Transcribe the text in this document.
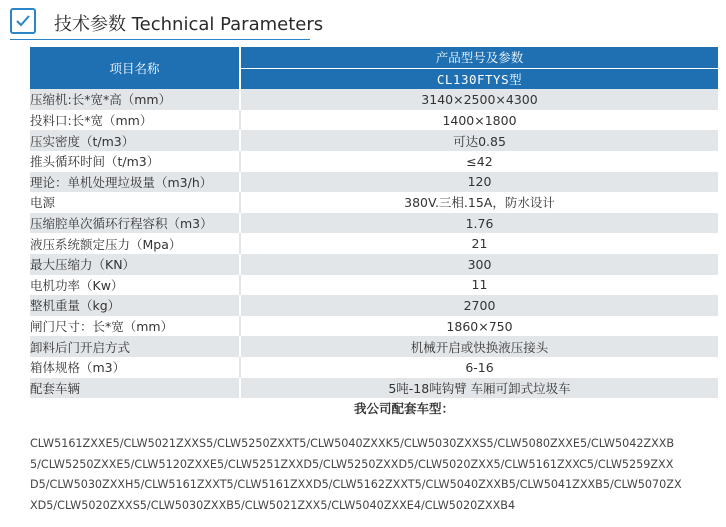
技术参数 Technical Parameters
项目名称	产品型号及参数
	CL130FTYS型
压缩机:长*宽*高（mm）	3140×2500×4300
投料口:长*宽（mm）	1400×1800
压实密度（t/m3）	可达0.85
推头循环时间（t/m3）	≤42
理论：单机处理垃圾量（m3/h）	120
电源	380V.三相.15A，防水设计
压缩腔单次循环行程容积（m3）	1.76
液压系统额定压力（Mpa）	21
最大压缩力（KN）	300
电机功率（Kw）	11
整机重量（kg）	2700
闸门尺寸：长*宽（mm）	1860×750
卸料后门开启方式	机械开启或快换液压接头
箱体规格（m3）	6-16
配套车辆	5吨-18吨钩臂 车厢可卸式垃圾车
我公司配套车型：	
CLW5161ZXXE5/CLW5021ZXXS5/CLW5250ZXXT5/CLW5040ZXXK5/CLW5030ZXXS5/CLW5080ZXXE5/CLW5042ZXXB
5/CLW5250ZXXE5/CLW5120ZXXE5/CLW5251ZXXD5/CLW5250ZXXD5/CLW5020ZXX5/CLW5161ZXXC5/CLW5259ZXX
D5/CLW5030ZXXH5/CLW5161ZXXT5/CLW5161ZXXD5/CLW5162ZXXT5/CLW5040ZXXB5/CLW5041ZXXB5/CLW5070ZX
XD5/CLW5020ZXXS5/CLW5030ZXXB5/CLW5021ZXX5/CLW5040ZXXE4/CLW5020ZXXB4
